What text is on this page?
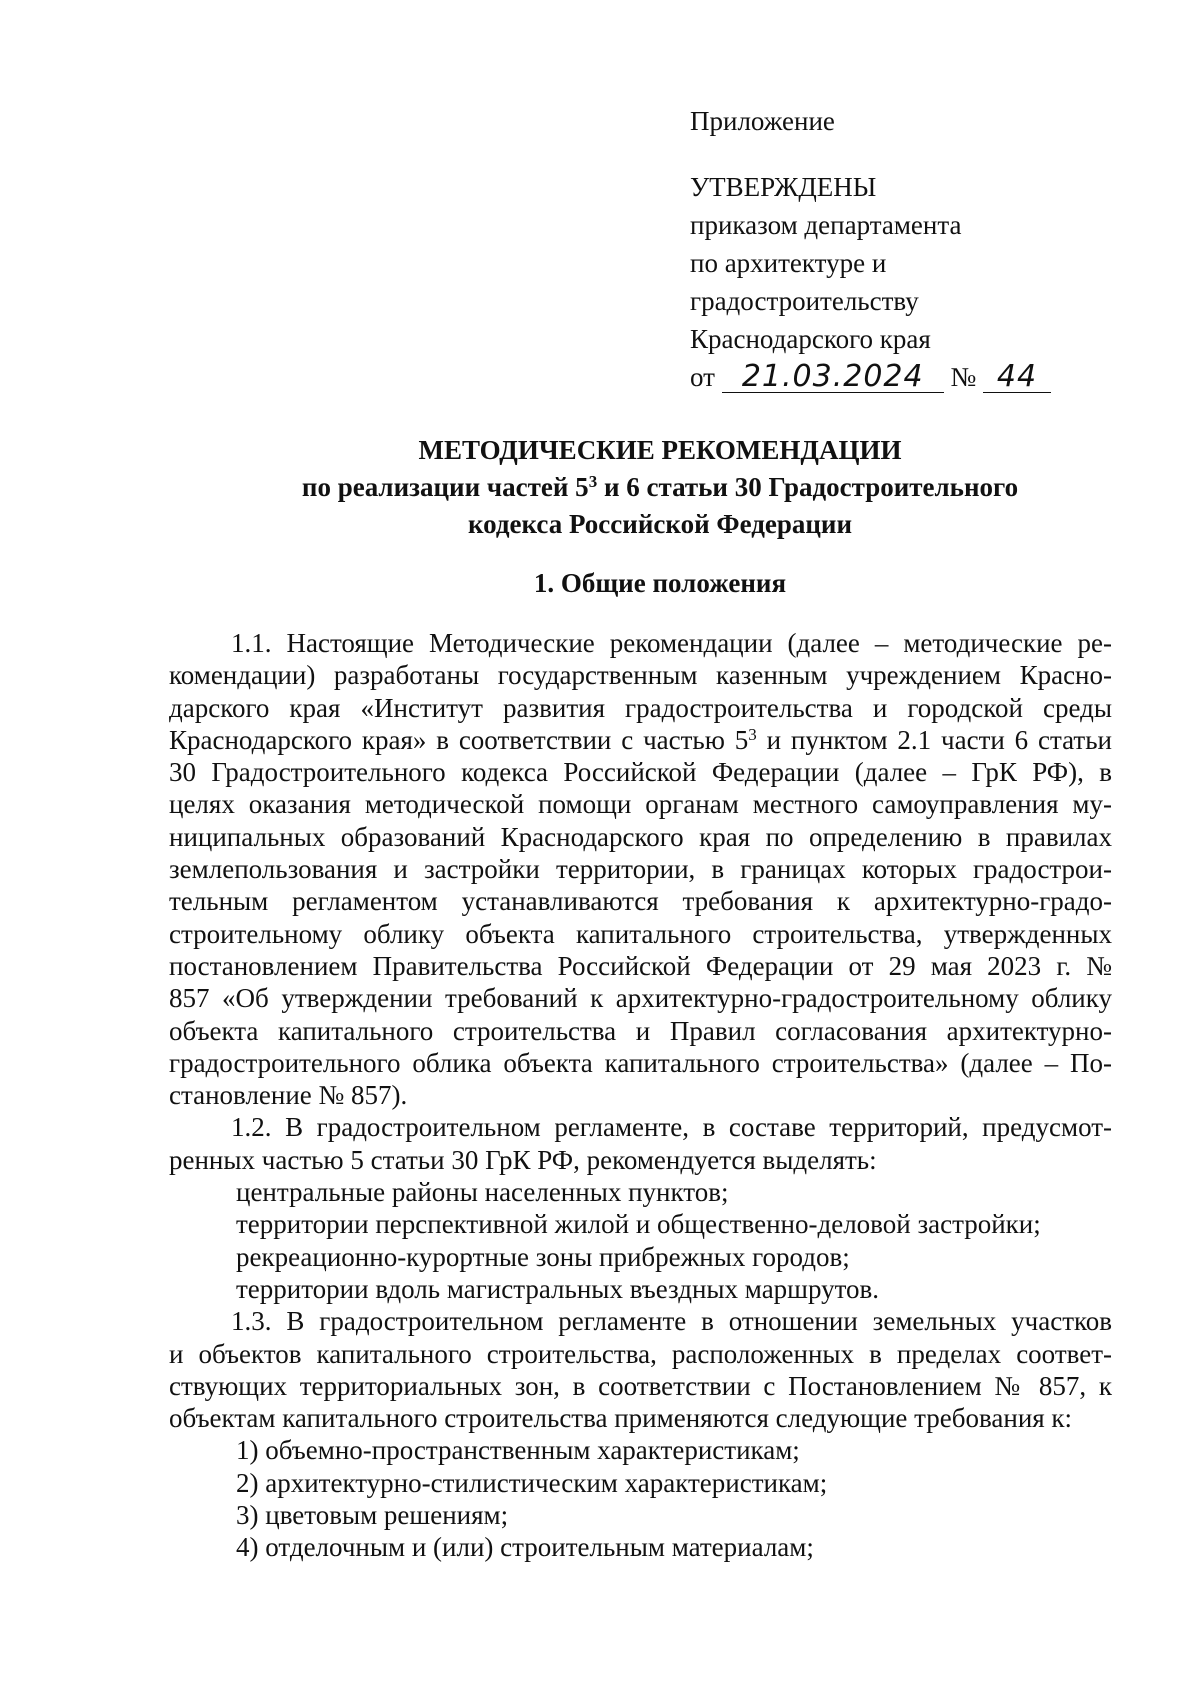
Приложение
УТВЕРЖДЕНЫ
приказом департамента
по архитектуре и
градостроительству
Краснодарского края
от 21.03.2024 № 44
МЕТОДИЧЕСКИЕ РЕКОМЕНДАЦИИ
по реализации частей $5^3$ и 6 статьи 30 Градостроительного
кодекса Российской Федерации
1. Общие положения
1.1. Настоящие Методические рекомендации (далее – методические ре-
комендации) разработаны государственным казенным учреждением Красно-
дарского края «Институт развития градостроительства и городской среды
Краснодарского края» в соответствии с частью $5^3$ и пунктом 2.1 части 6 статьи
30 Градостроительного кодекса Российской Федерации (далее – ГрК РФ), в
целях оказания методической помощи органам местного самоуправления му-
ниципальных образований Краснодарского края по определению в правилах
землепользования и застройки территории, в границах которых градострои-
тельным регламентом устанавливаются требования к архитектурно-градо-
строительному облику объекта капитального строительства, утвержденных
постановлением Правительства Российской Федерации от 29 мая 2023 г. №
857 «Об утверждении требований к архитектурно-градостроительному облику
объекта капитального строительства и Правил согласования архитектурно-
градостроительного облика объекта капитального строительства» (далее – По-
становление № 857).
1.2. В градостроительном регламенте, в составе территорий, предусмот-
ренных частью 5 статьи 30 ГрК РФ, рекомендуется выделять:
центральные районы населенных пунктов;
территории перспективной жилой и общественно-деловой застройки;
рекреационно-курортные зоны прибрежных городов;
территории вдоль магистральных въездных маршрутов.
1.3. В градостроительном регламенте в отношении земельных участков
и объектов капитального строительства, расположенных в пределах соответ-
ствующих территориальных зон, в соответствии с Постановлением № 857, к
объектам капитального строительства применяются следующие требования к:
1) объемно-пространственным характеристикам;
2) архитектурно-стилистическим характеристикам;
3) цветовым решениям;
4) отделочным и (или) строительным материалам;
